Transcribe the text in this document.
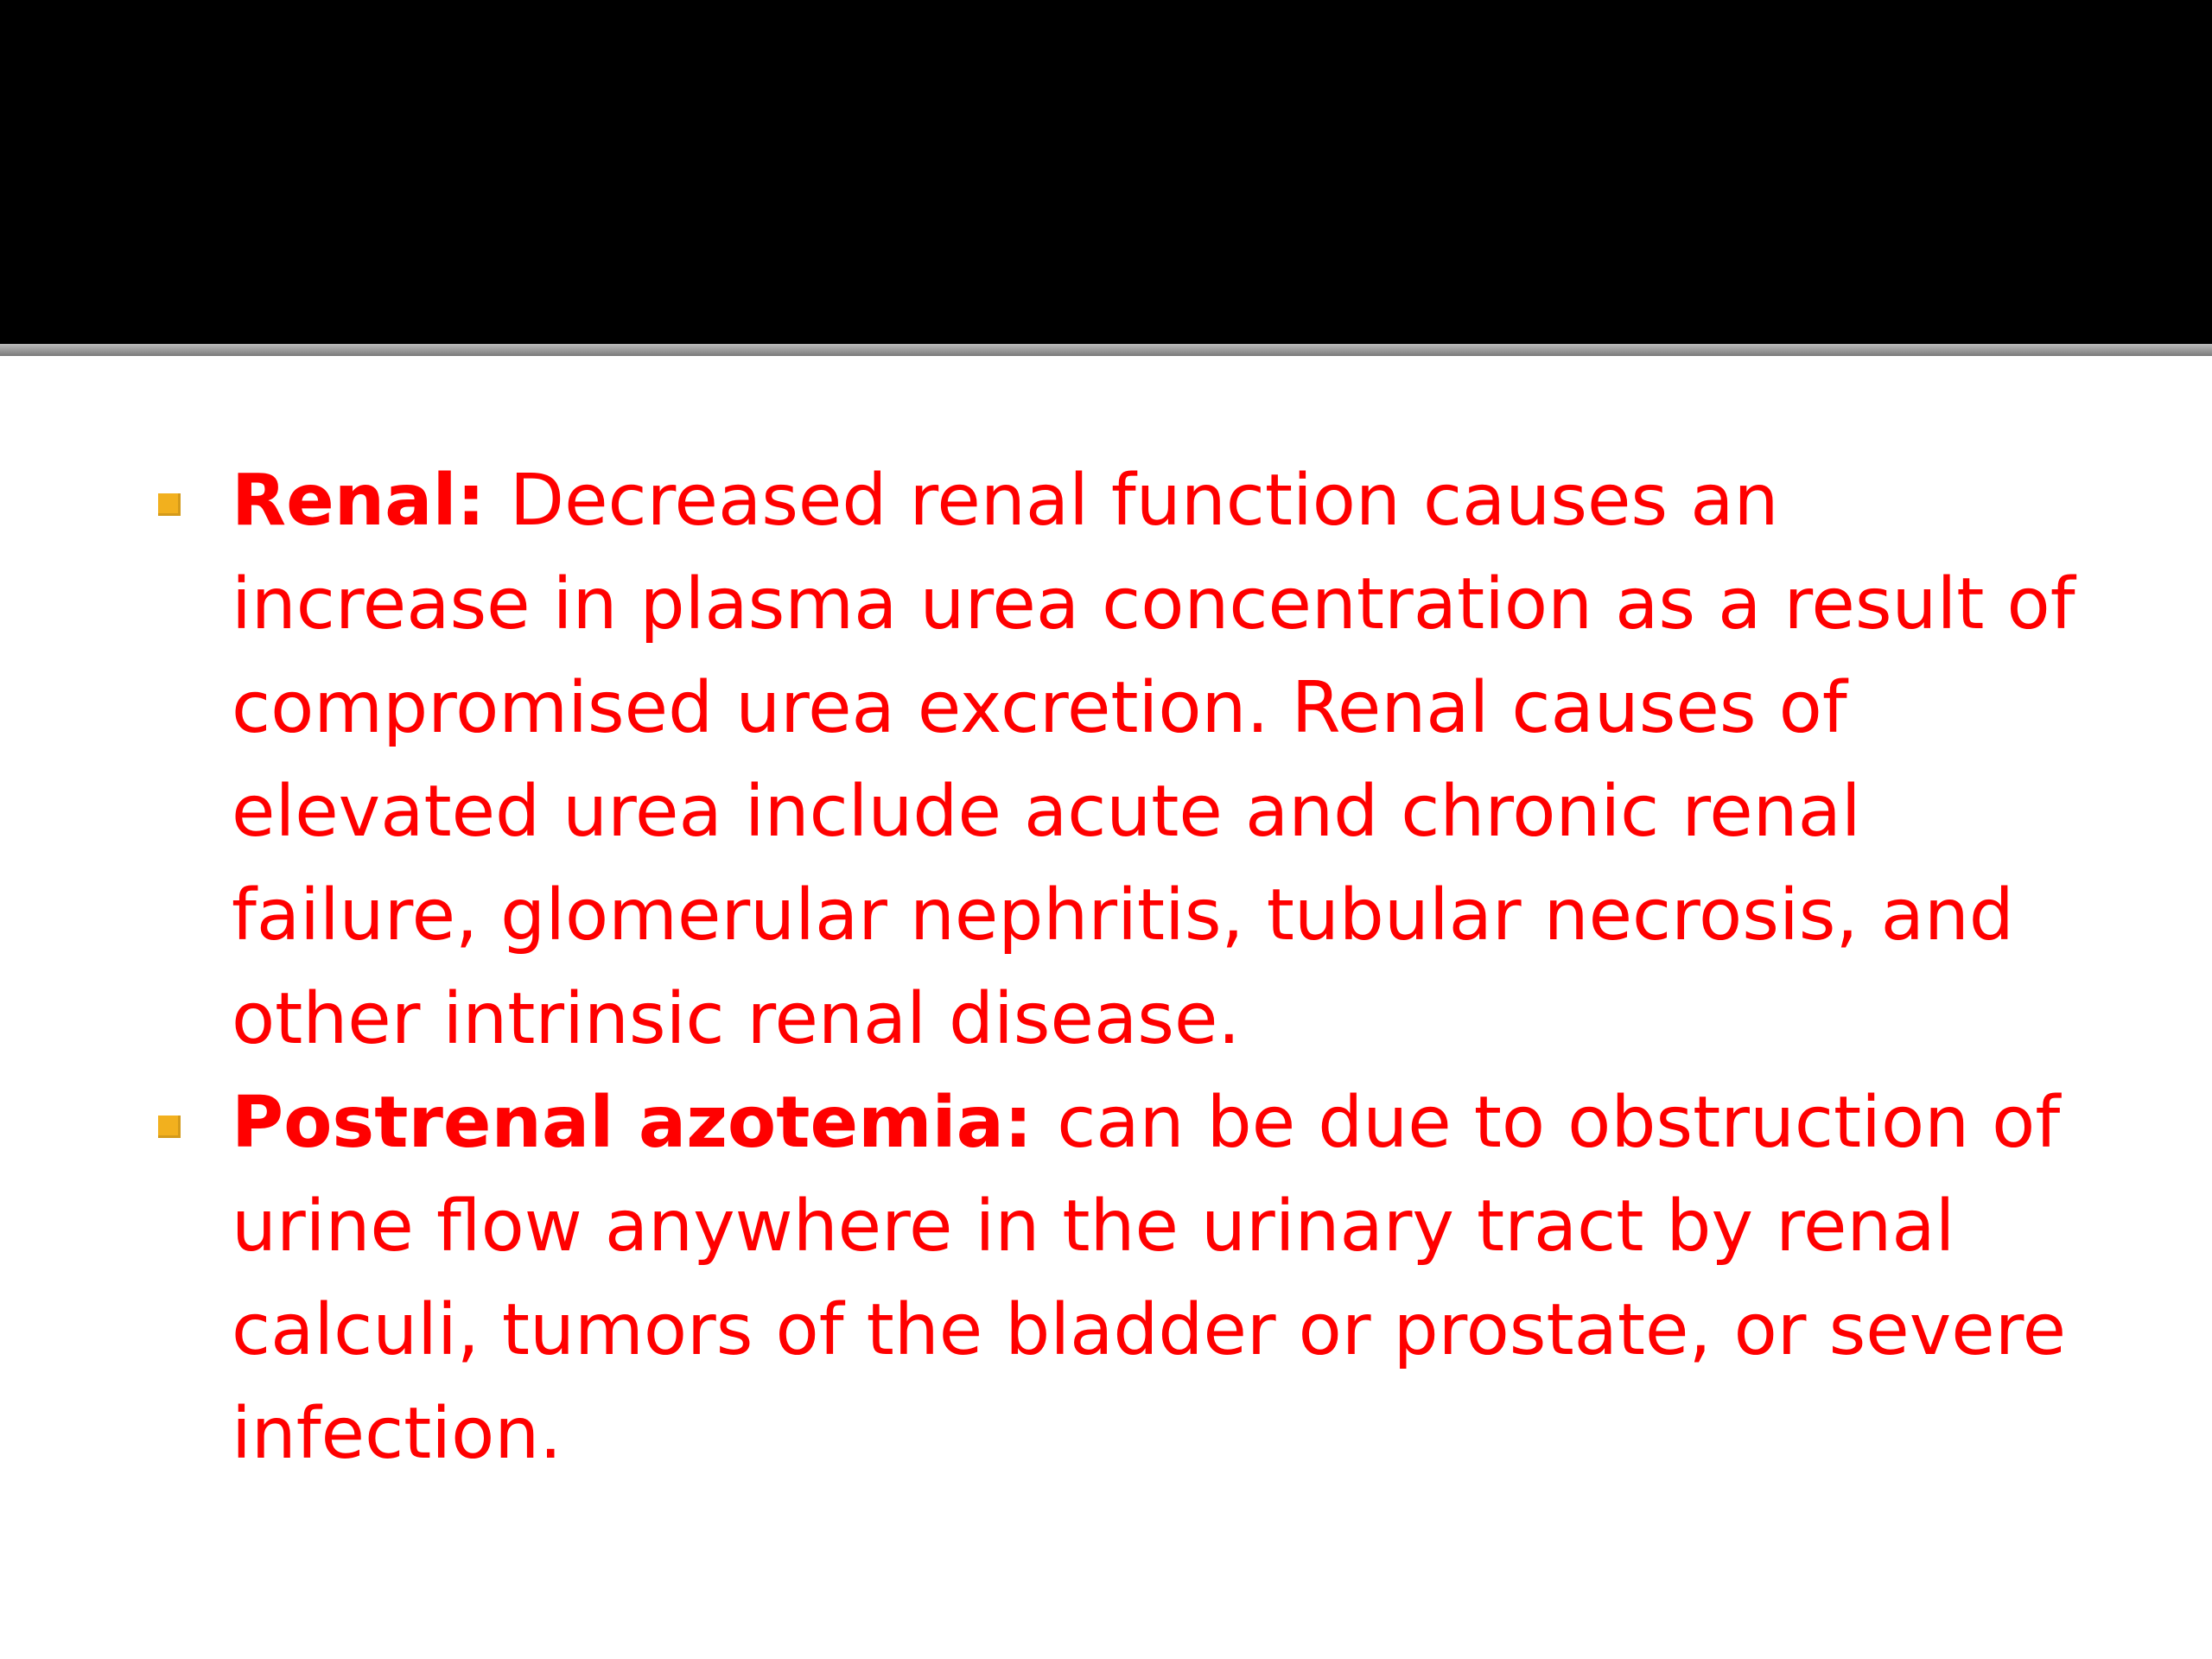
Renal: Decreased renal function causes an increase in plasma urea concentration as a result of compromised urea excretion. Renal causes of elevated urea include acute and chronic renal failure, glomerular nephritis, tubular necrosis, and other intrinsic renal disease.
Postrenal azotemia: can be due to obstruction of urine flow anywhere in the urinary tract by renal calculi, tumors of the bladder or prostate, or severe infection.
